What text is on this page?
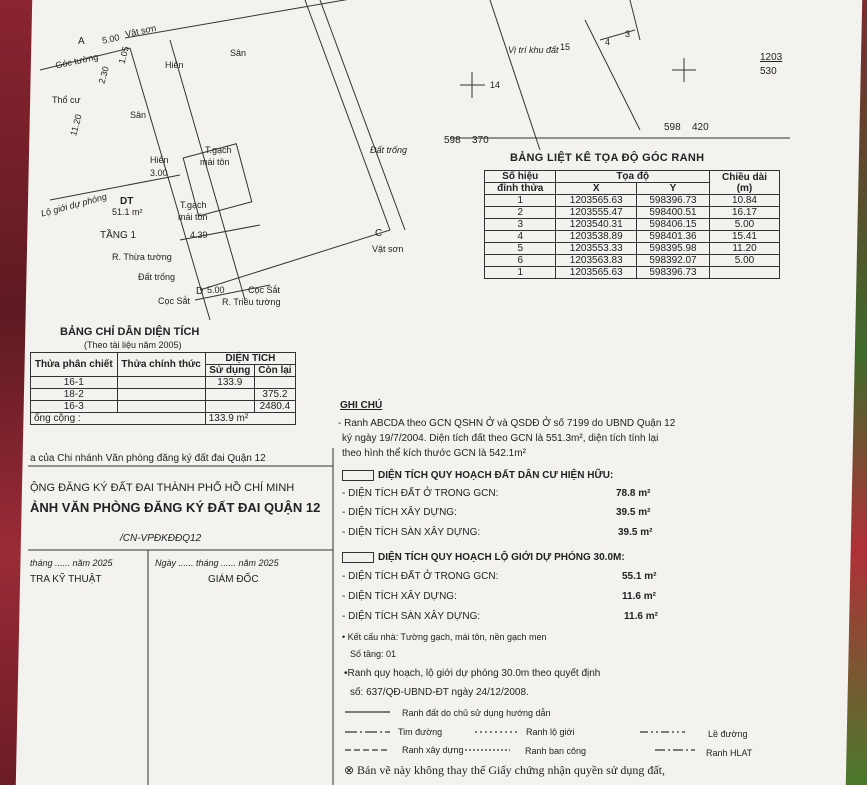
Vị trí khu đất 15	4
3
14
1203
530
598 370
598 420
Sân
Thổ cư
Sân
Đất trống
Lộ giới dự phóng DT
51.1 m²
TẦNG 1
R. Thừa tường
Đất trống
Cọc Sắt
Cọc Sắt
R. Triều tường
Vật sơn
C
D 5.00
A
Góc tường
5.00 Vật sơn
Hiên
Hiên
T.gạch
mái tôn
T.gạch
mái tôn
4.39
3.00
1.05
2.30
11.20
BẢNG LIỆT KÊ TỌA ĐỘ GÓC RANH
Số hiệu	Tọa độ		Chiều dài
(m)
đỉnh thửa	X	Y	
1	1203565.63	598396.73	10.84
2	1203555.47	598400.51	16.17
3	1203540.31	598406.15	5.00
4	1203538.89	598401.36	15.41
5	1203553.33	598395.98	11.20
6	1203563.83	598392.07	5.00
1	1203565.63	598396.73	
BẢNG CHỈ DẪN DIỆN TÍCH
(Theo tài liệu năm 2005)
Thửa phân chiết	Thửa chính thức	DIỆN TÍCH	
		Sử dụng	Còn lại
16-1		133.9	
18-2			375.2
16-3			2480.4
ống cộng :		133.9 m²	
a của Chi nhánh Văn phòng đăng ký đất đai Quận 12
ỘNG ĐĂNG KÝ ĐẤT ĐAI THÀNH PHỐ HỒ CHÍ MINH
ẢNH VĂN PHÒNG ĐĂNG KÝ ĐẤT ĐAI QUẬN 12
/CN-VPĐKĐĐQ12
tháng ...... năm 2025	Ngày ...... tháng ...... năm 2025
TRA KỸ THUẬT	GIÁM ĐỐC
GHI CHÚ
- Ranh ABCDA theo GCN QSHN Ở và QSDĐ Ở số 7199 do UBND Quận 12
ký ngày 19/7/2004. Diện tích đất theo GCN là 551.3m², diện tích tính lại
theo hình thể kích thước GCN là 542.1m²
DIỆN TÍCH QUY HOẠCH ĐẤT DÂN CƯ HIỆN HỮU:
- DIỆN TÍCH ĐẤT Ở TRONG GCN:	78.8 m²
- DIỆN TÍCH XÂY DỰNG:	39.5 m²
- DIỆN TÍCH SÀN XÂY DỰNG:	39.5 m²
DIỆN TÍCH QUY HOẠCH LỘ GIỚI DỰ PHÓNG 30.0M:
- DIỆN TÍCH ĐẤT Ở TRONG GCN:	55.1 m²
- DIỆN TÍCH XÂY DỰNG:	11.6 m²
- DIỆN TÍCH SÀN XÂY DỰNG:	11.6 m²
• Kết cấu nhà: Tường gạch, mái tôn, nền gạch men
Số tầng: 01
•Ranh quy hoạch, lộ giới dự phóng 30.0m theo quyết định
số: 637/QĐ-UBND-ĐT ngày 24/12/2008.
Ranh đất do chủ sử dụng hướng dẫn
Tim đường	Ranh lộ giới	Lề đường
Ranh xây dựng	Ranh ban công	Ranh HLAT
⊗ Bản vẽ này không thay thế Giấy chứng nhận quyền sử dụng đất,
